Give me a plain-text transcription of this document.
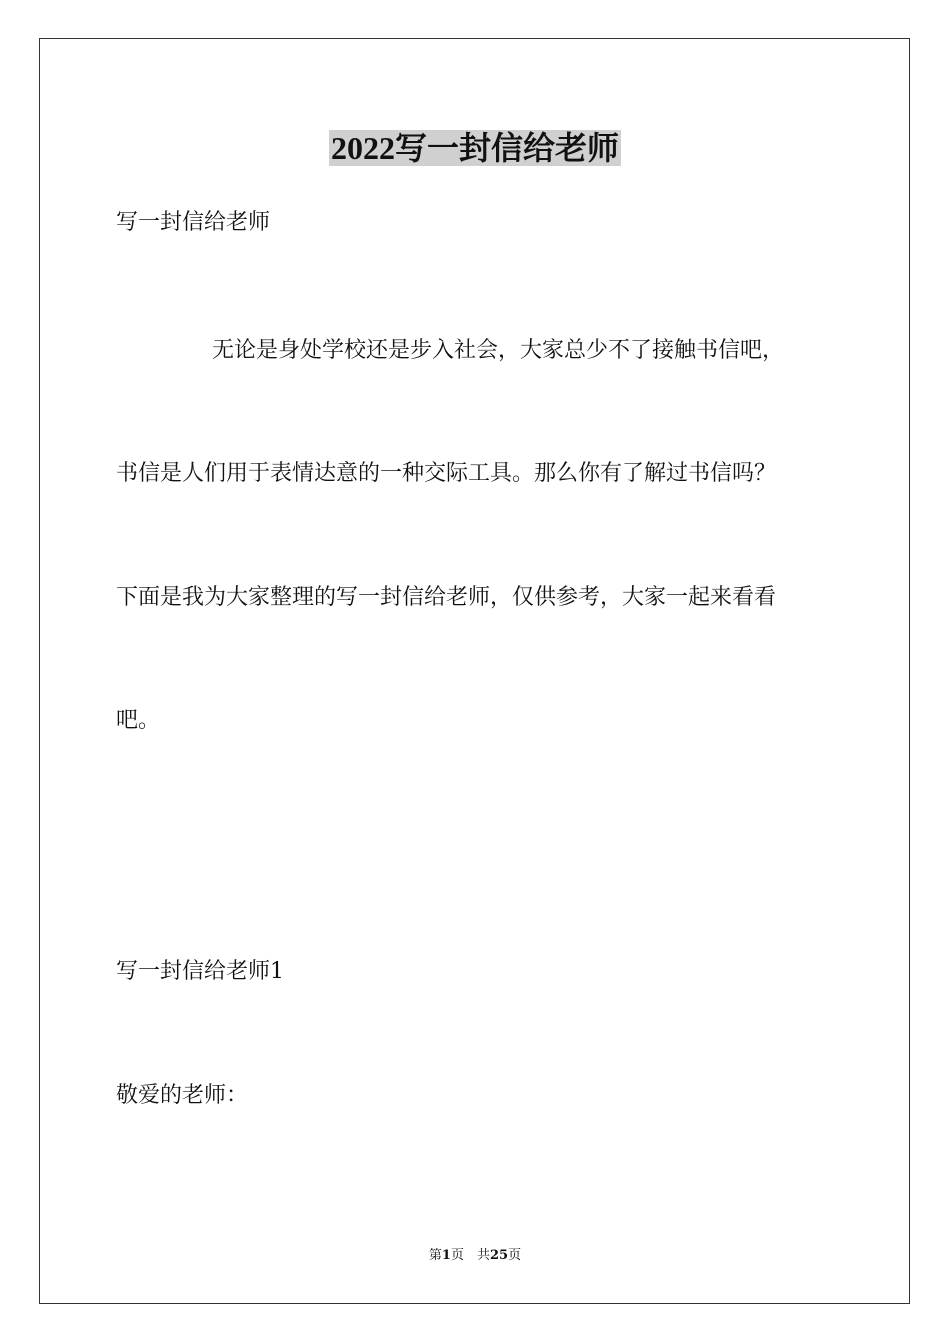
2022写一封信给老师
写一封信给老师
无论是身处学校还是步入社会，大家总少不了接触书信吧，
书信是人们用于表情达意的一种交际工具。那么你有了解过书信吗？
下面是我为大家整理的写一封信给老师，仅供参考，大家一起来看看
吧。
写一封信给老师1
敬爱的老师：
第1页　共25页
